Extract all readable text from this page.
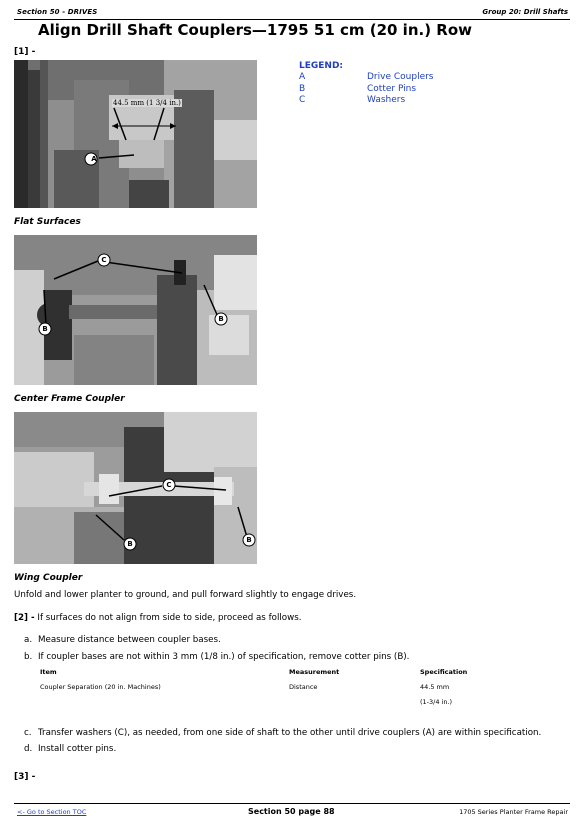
Section 50 - DRIVES	Group 20: Drill Shafts
Align Drill Shaft Couplers—1795 51 cm (20 in.) Row
[1] -
44.5 mm (1 3/4 in.)
A
Flat Surfaces
C
B
B
Center Frame Coupler
C
B	B
Wing Coupler
LEGEND:
A	Drive Couplers
B	Cotter Pins
C	Washers
Unfold and lower planter to ground, and pull forward slightly to engage drives.
[2] - If surfaces do not align from side to side, proceed as follows.
a. Measure distance between coupler bases.
b. If coupler bases are not within 3 mm (1/8 in.) of specification, remove cotter pins (B).
Item	Measurement	Specification
Coupler Separation (20 in. Machines)	Distance	44.5 mm
(1-3/4 in.)
c. Transfer washers (C), as needed, from one side of shaft to the other until drive couplers (A) are within specification.
d. Install cotter pins.
[3] -
<- Go to Section TOC	Section 50 page 88	1705 Series Planter Frame Repair
